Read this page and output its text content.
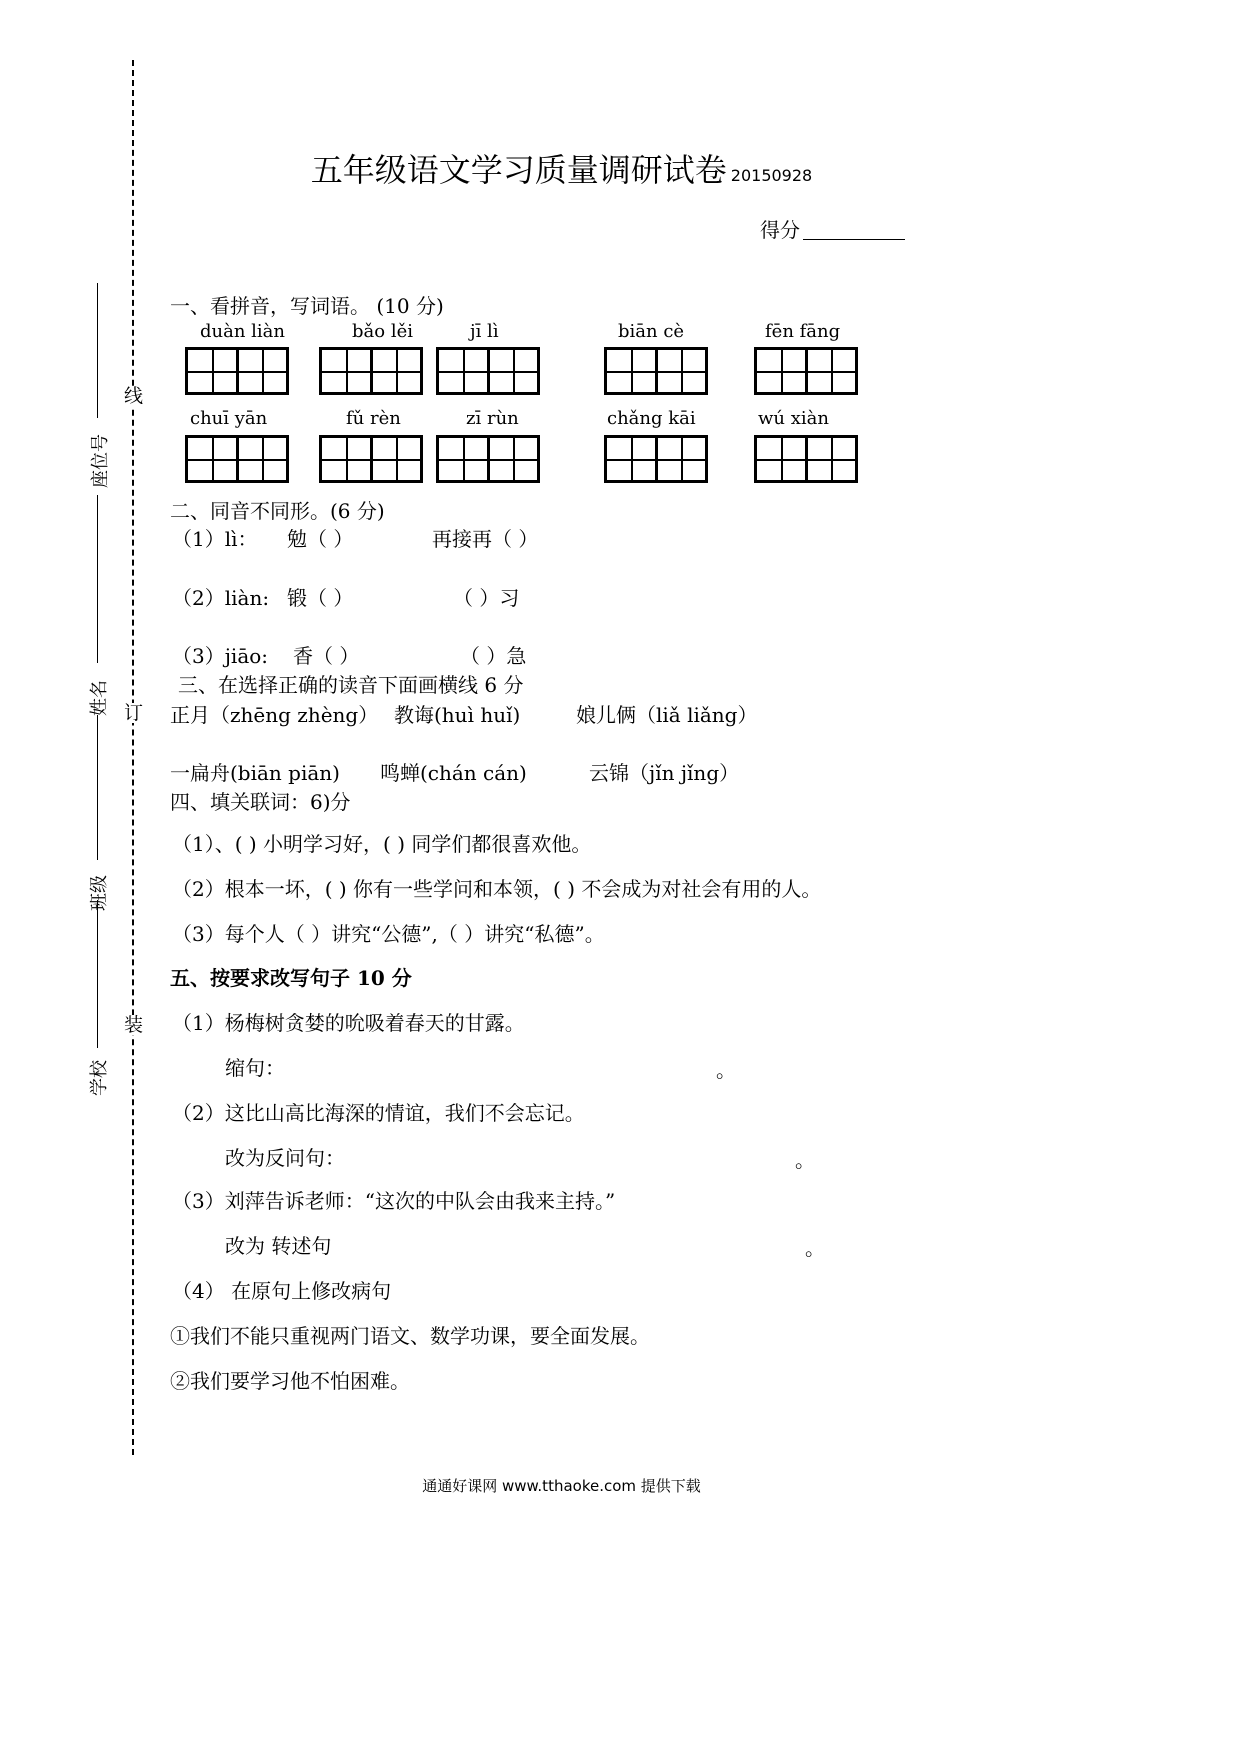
线
订
装
座位号
姓名
班级
学校
五年级语文学习质量调研试卷 20150928
得分
一、看拼音，写词语。 (10 分)
duàn liàn	bǎo lěi	jī lì	biān cè	fēn fāng
chuī yān	fǔ rèn	zī rùn	chǎng kāi	wú xiàn
二、同音不同形。(6 分)
（1）lì： 勉（ ）	再接再（ ）
（2）liàn: 锻（ ）	（ ）习
（3）jiāo: 香（ ）	（ ）急
三、在选择正确的读音下面画横线 6 分
正月（zhēng zhèng） 教诲(huì huǐ)	娘儿俩（liǎ liǎng）
一扁舟(biān piān) 鸣蝉(chán cán)	云锦（jǐn jǐng）
四、填关联词：6)分
（1）、( ) 小明学习好，( ) 同学们都很喜欢他。
（2）根本一坏，( ) 你有一些学问和本领，( ) 不会成为对社会有用的人。
（3）每个人（ ）讲究“公德”,（ ）讲究“私德”。
五、按要求改写句子 10 分
（1）杨梅树贪婪的吮吸着春天的甘露。
缩句：	。
（2）这比山高比海深的情谊，我们不会忘记。
改为反问句：	。
（3）刘萍告诉老师：“这次的中队会由我来主持。”
改为 转述句	。
（4） 在原句上修改病句
①我们不能只重视两门语文、数学功课，要全面发展。
②我们要学习他不怕困难。
通通好课网 www.tthaoke.com 提供下载
